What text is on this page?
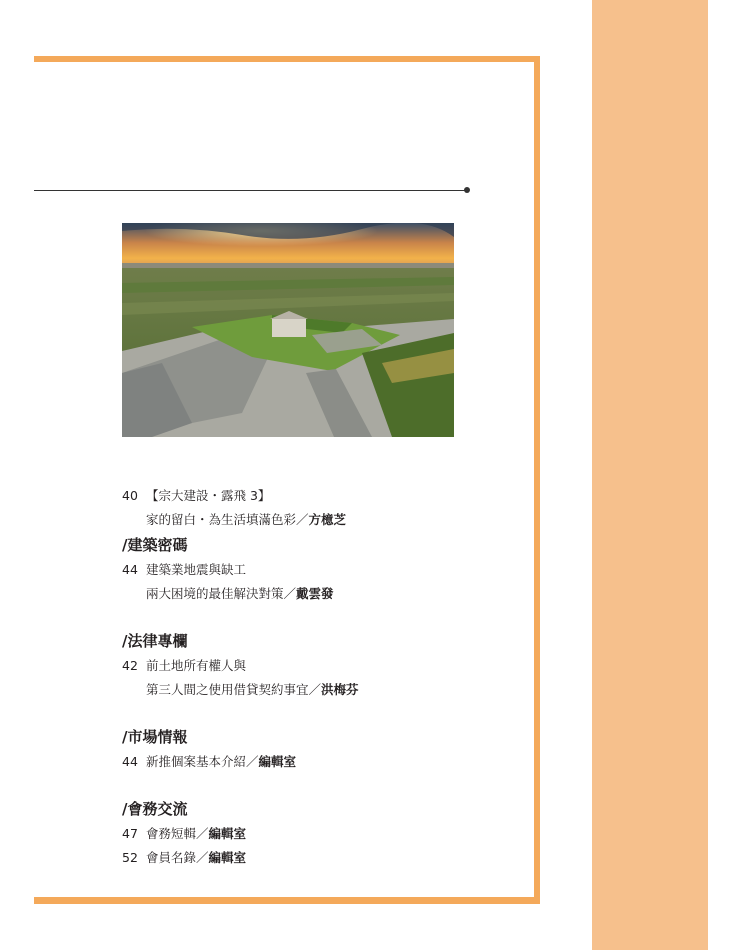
40 【宗大建設・露飛 3】
家的留白・為生活填滿色彩／方檍芝
/建築密碼
44 建築業地震與缺工
兩大困境的最佳解決對策／戴雲發
/法律專欄
42 前土地所有權人與
第三人間之使用借貸契約事宜／洪梅芬
/市場情報
44 新推個案基本介紹／編輯室
/會務交流
47 會務短輯／編輯室
52 會員名錄／編輯室
